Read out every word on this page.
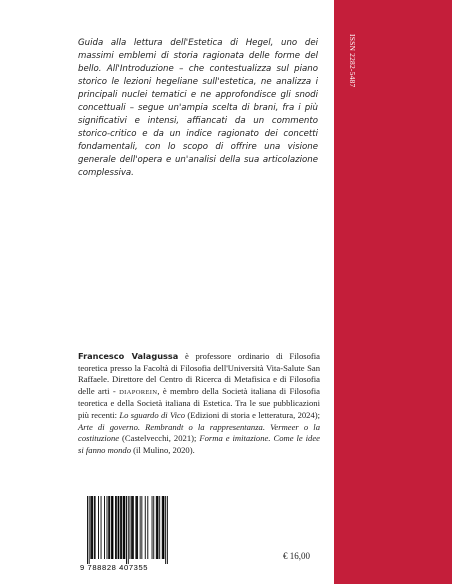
ISSN 2282-5487

Guida alla lettura dell'Estetica di Hegel, uno dei massimi emblemi di storia ragionata delle forme del bello. All'Introduzione – che contestualizza sul piano storico le lezioni hegeliane sull'estetica, ne analizza i principali nuclei tematici e ne approfondisce gli snodi concettuali – segue un'ampia scelta di brani, fra i più significativi e intensi, affiancati da un commento storico-critico e da un indice ragionato dei concetti fondamentali, con lo scopo di offrire una visione generale dell'opera e un'analisi della sua articolazione complessiva.

Francesco Valagussa è professore ordinario di Filosofia teoretica presso la Facoltà di Filosofia dell'Università Vita-Salute San Raffaele. Direttore del Centro di Ricerca di Metafisica e di Filosofia delle arti - DIAPOREIN, è membro della Società italiana di Filosofia teoretica e della Società italiana di Estetica. Tra le sue pubblicazioni più recenti: Lo sguardo di Vico (Edizioni di storia e letteratura, 2024); Arte di governo. Rembrandt o la rappresentanza. Vermeer o la costituzione (Castelvecchi, 2021); Forma e imitazione. Come le idee si fanno mondo (il Mulino, 2020).

9 788828 407355
€ 16,00
